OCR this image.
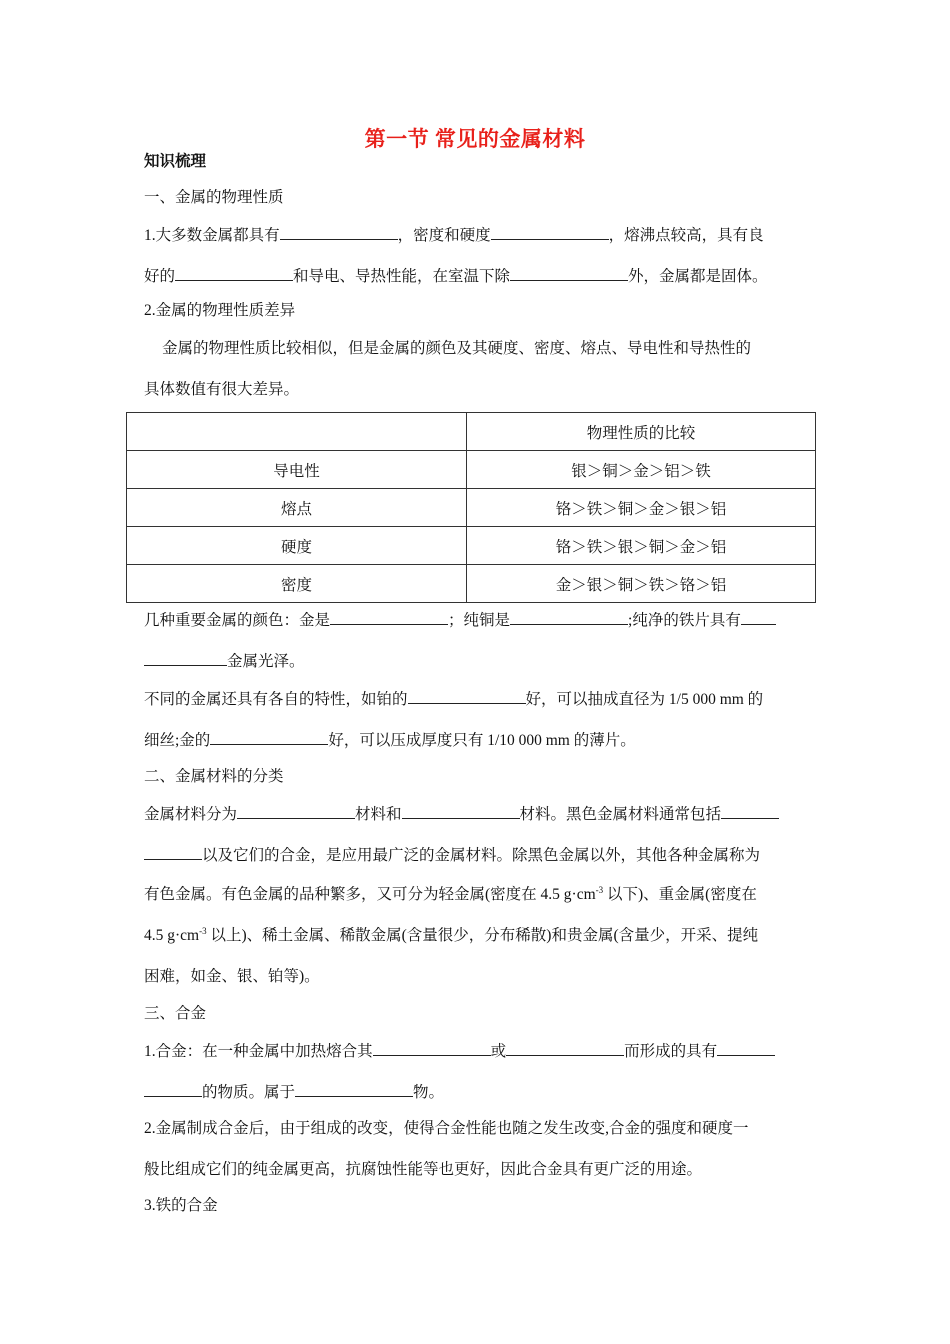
第一节 常见的金属材料
知识梳理
一、金属的物理性质
1.大多数金属都具有	，密度和硬度	，熔沸点较高，具有良
好的	和导电、导热性能，在室温下除	外，金属都是固体。
2.金属的物理性质差异
金属的物理性质比较相似，但是金属的颜色及其硬度、密度、熔点、导电性和导热性的
具体数值有很大差异。
	物理性质的比较
导电性	银＞铜＞金＞铝＞铁
熔点	铬＞铁＞铜＞金＞银＞铝
硬度	铬＞铁＞银＞铜＞金＞铝
密度	金＞银＞铜＞铁＞铬＞铝
几种重要金属的颜色：金是	；纯铜是	;纯净的铁片具有
金属光泽。
不同的金属还具有各自的特性，如铂的	好，可以抽成直径为 1/5 000 mm 的
细丝;金的	好，可以压成厚度只有 1/10 000 mm 的薄片。
二、金属材料的分类
金属材料分为	材料和	材料。黑色金属材料通常包括
以及它们的合金，是应用最广泛的金属材料。除黑色金属以外，其他各种金属称为
有色金属。有色金属的品种繁多，又可分为轻金属(密度在 4.5 $g\cdot cm^{-3}$ 以下)、重金属(密度在
4.5 $g\cdot cm^{-3}$ 以上)、稀土金属、稀散金属(含量很少，分布稀散)和贵金属(含量少，开采、提纯
困难，如金、银、铂等)。
三、合金
1.合金：在一种金属中加热熔合其	或	而形成的具有
的物质。属于	物。
2.金属制成合金后，由于组成的改变，使得合金性能也随之发生改变,合金的强度和硬度一
般比组成它们的纯金属更高，抗腐蚀性能等也更好，因此合金具有更广泛的用途。
3.铁的合金
